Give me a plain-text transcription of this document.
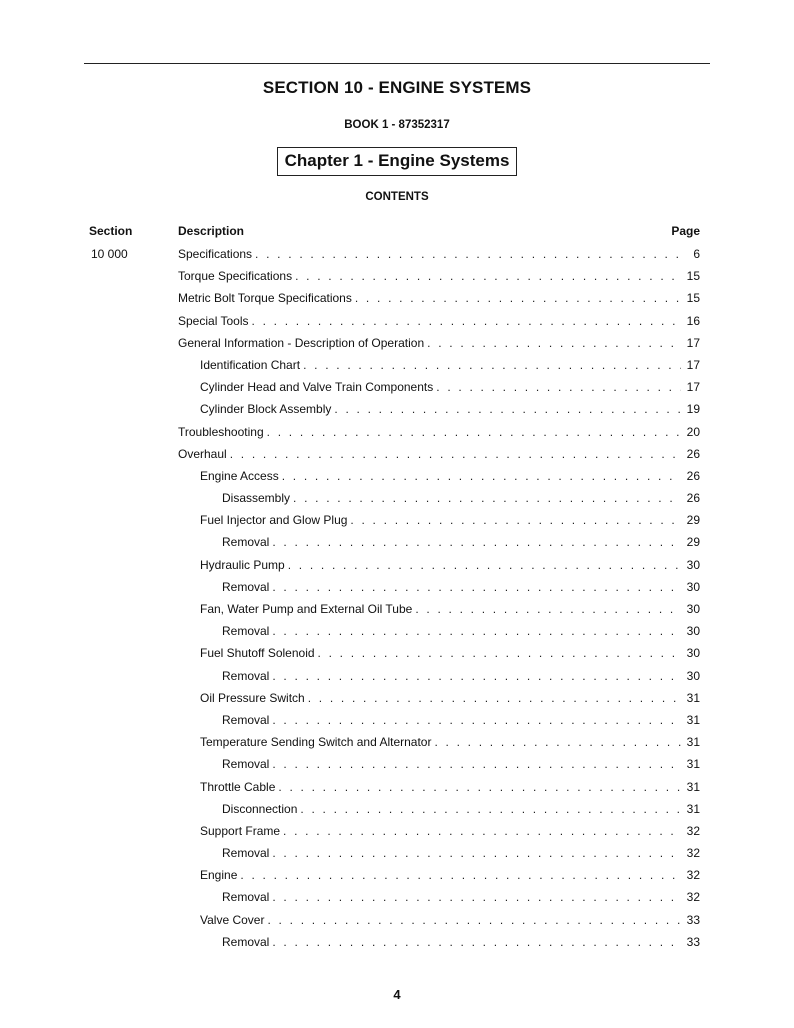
SECTION 10 - ENGINE SYSTEMS
BOOK 1 - 87352317
Chapter 1 - Engine Systems
CONTENTS
Section	Description	Page
10 000	Specifications . . .	6
Torque Specifications . . .	15
Metric Bolt Torque Specifications . . .	15
Special Tools . . .	16
General Information - Description of Operation . . .	17
Identification Chart . . .	17
Cylinder Head and Valve Train Components . . .	17
Cylinder Block Assembly . . .	19
Troubleshooting . . .	20
Overhaul . . .	26
Engine Access . . .	26
Disassembly . . .	26
Fuel Injector and Glow Plug . . .	29
Removal . . .	29
Hydraulic Pump . . .	30
Removal . . .	30
Fan, Water Pump and External Oil Tube . . .	30
Removal . . .	30
Fuel Shutoff Solenoid . . .	30
Removal . . .	30
Oil Pressure Switch . . .	31
Removal . . .	31
Temperature Sending Switch and Alternator . . .	31
Removal . . .	31
Throttle Cable . . .	31
Disconnection . . .	31
Support Frame . . .	32
Removal . . .	32
Engine . . .	32
Removal . . .	32
Valve Cover . . .	33
Removal . . .	33
4
